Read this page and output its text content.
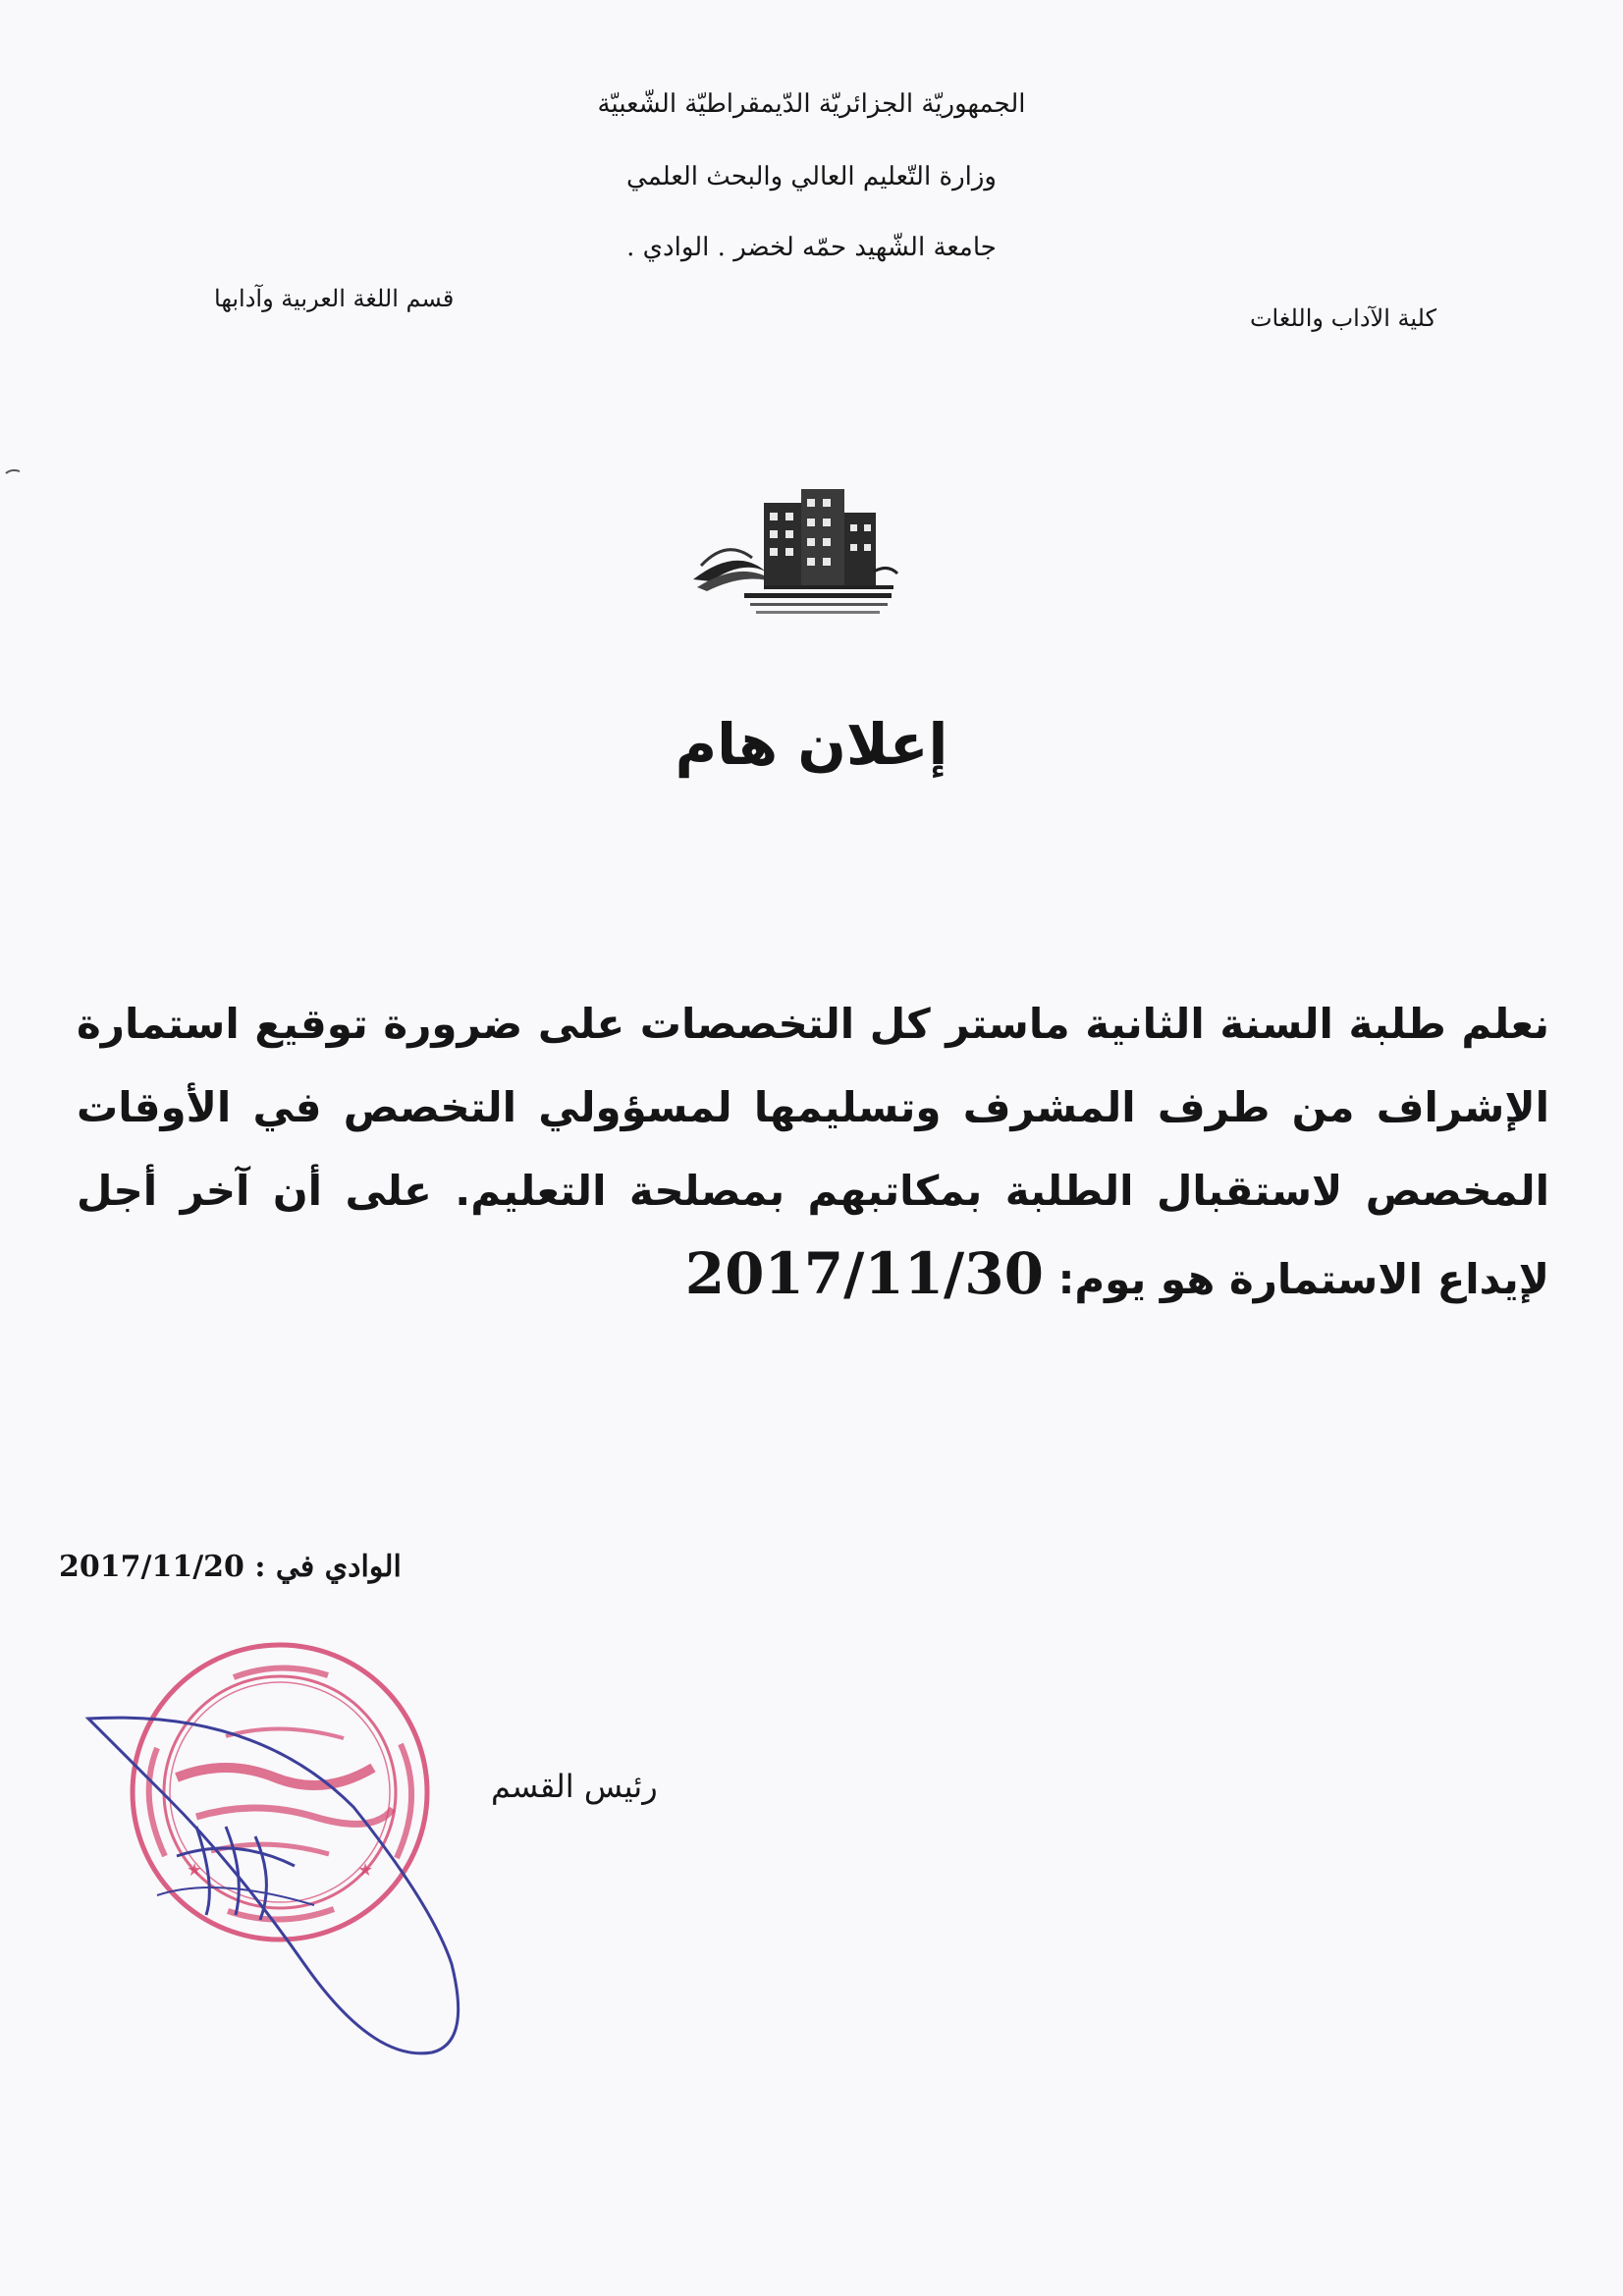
الجمهوريّة الجزائريّة الدّيمقراطيّة الشّعبيّة
وزارة التّعليم العالي والبحث العلمي
جامعة الشّهيد حمّه لخضر . الوادي .
كلية الآداب واللغات
قسم اللغة العربية وآدابها
إعلان هام
نعلم طلبة السنة الثانية ماستر كل التخصصات على ضرورة توقيع استمارة الإشراف من طرف المشرف وتسليمها لمسؤولي التخصص في الأوقات المخصص لاستقبال الطلبة بمكاتبهم بمصلحة التعليم. على أن آخر أجل لإيداع الاستمارة هو يوم: 2017/11/30
الوادي في : 2017/11/20
★	★
رئيس القسم
